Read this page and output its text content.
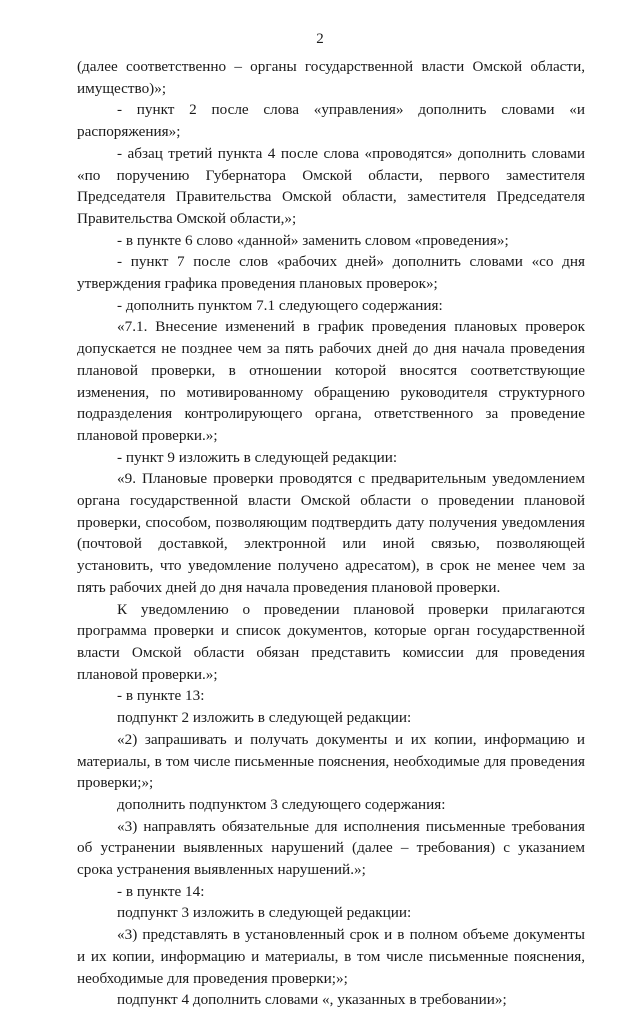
2

(далее соответственно – органы государственной власти Омской области, имущество)»;

- пункт 2 после слова «управления» дополнить словами «и распоряжения»;

- абзац третий пункта 4 после слова «проводятся» дополнить словами «по поручению Губернатора Омской области, первого заместителя Председателя Правительства Омской области, заместителя Председателя Правительства Омской области,»;

- в пункте 6 слово «данной» заменить словом «проведения»;

- пункт 7 после слов «рабочих дней» дополнить словами «со дня утверждения графика проведения плановых проверок»;

- дополнить пунктом 7.1 следующего содержания:

«7.1. Внесение изменений в график проведения плановых проверок допускается не позднее чем за пять рабочих дней до дня начала проведения плановой проверки, в отношении которой вносятся соответствующие изменения, по мотивированному обращению руководителя структурного подразделения контролирующего органа, ответственного за проведение плановой проверки.»;

- пункт 9 изложить в следующей редакции:

«9. Плановые проверки проводятся с предварительным уведомлением органа государственной власти Омской области о проведении плановой проверки, способом, позволяющим подтвердить дату получения уведомления (почтовой доставкой, электронной или иной связью, позволяющей установить, что уведомление получено адресатом), в срок не менее чем за пять рабочих дней до дня начала проведения плановой проверки.

К уведомлению о проведении плановой проверки прилагаются программа проверки и список документов, которые орган государственной власти Омской области обязан представить комиссии для проведения плановой проверки.»;

- в пункте 13:

подпункт 2 изложить в следующей редакции:

«2) запрашивать и получать документы и их копии, информацию и материалы, в том числе письменные пояснения, необходимые для проведения проверки;»;

дополнить подпунктом 3 следующего содержания:

«3) направлять обязательные для исполнения письменные требования об устранении выявленных нарушений (далее – требования) с указанием срока устранения выявленных нарушений.»;

- в пункте 14:

подпункт 3 изложить в следующей редакции:

«3) представлять в установленный срок и в полном объеме документы и их копии, информацию и материалы, в том числе письменные пояснения, необходимые для проведения проверки;»;

подпункт 4 дополнить словами «, указанных в требовании»;
